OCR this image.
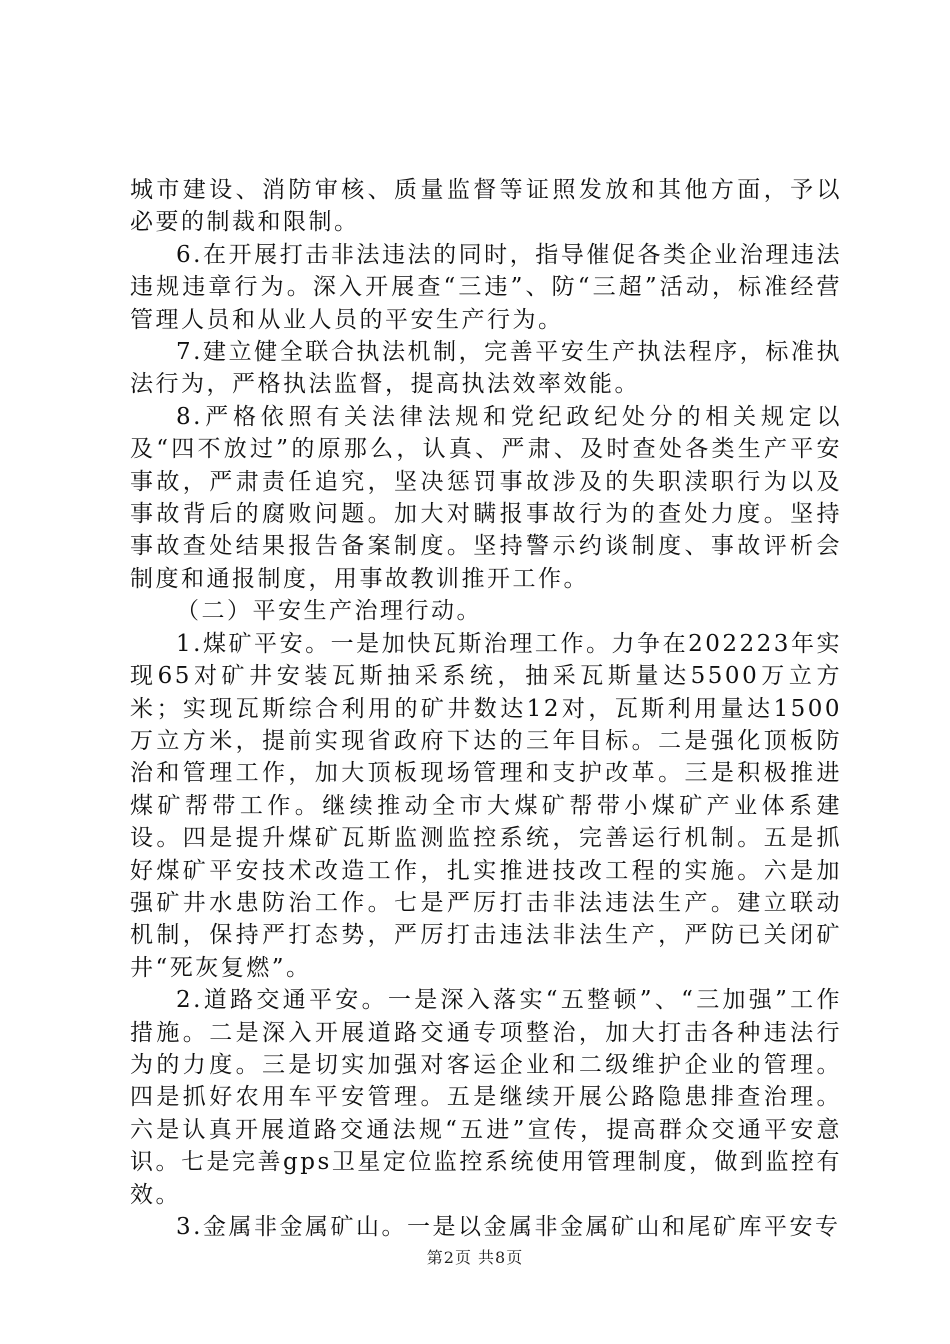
城市建设、消防审核、质量监督等证照发放和其他方面，予以必要的制裁和限制。

6.在开展打击非法违法的同时，指导催促各类企业治理违法违规违章行为。深入开展查“三违”、防“三超”活动，标准经营管理人员和从业人员的平安生产行为。

7.建立健全联合执法机制，完善平安生产执法程序，标准执法行为，严格执法监督，提高执法效率效能。

8.严格依照有关法律法规和党纪政纪处分的相关规定以及“四不放过”的原那么，认真、严肃、及时查处各类生产平安事故，严肃责任追究，坚决惩罚事故涉及的失职渎职行为以及事故背后的腐败问题。加大对瞒报事故行为的查处力度。坚持事故查处结果报告备案制度。坚持警示约谈制度、事故评析会制度和通报制度，用事故教训推开工作。

（二）平安生产治理行动。

1.煤矿平安。一是加快瓦斯治理工作。力争在202223年实现65对矿井安装瓦斯抽采系统，抽采瓦斯量达5500万立方米；实现瓦斯综合利用的矿井数达12对，瓦斯利用量达1500万立方米，提前实现省政府下达的三年目标。二是强化顶板防治和管理工作，加大顶板现场管理和支护改革。三是积极推进煤矿帮带工作。继续推动全市大煤矿帮带小煤矿产业体系建设。四是提升煤矿瓦斯监测监控系统，完善运行机制。五是抓好煤矿平安技术改造工作，扎实推进技改工程的实施。六是加强矿井水患防治工作。七是严厉打击非法违法生产。建立联动机制，保持严打态势，严厉打击违法非法生产，严防已关闭矿井“死灰复燃”。

2.道路交通平安。一是深入落实“五整顿”、“三加强”工作措施。二是深入开展道路交通专项整治，加大打击各种违法行为的力度。三是切实加强对客运企业和二级维护企业的管理。四是抓好农用车平安管理。五是继续开展公路隐患排查治理。六是认真开展道路交通法规“五进”宣传，提高群众交通平安意识。七是完善gps卫星定位监控系统使用管理制度，做到监控有效。

3.金属非金属矿山。一是以金属非金属矿山和尾矿库平安专

第2页 共8页
